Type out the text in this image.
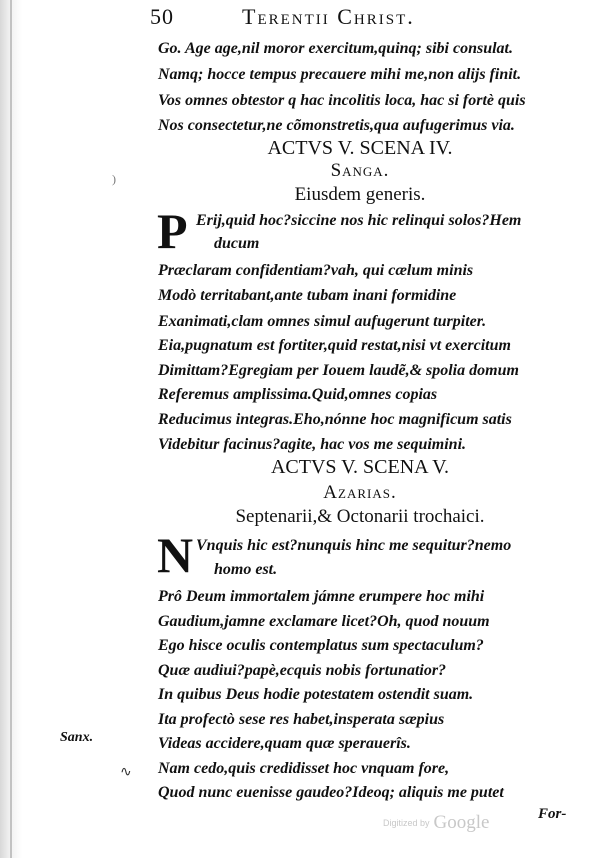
50	Terentii Christ.
Go. Age age,nil moror exercitum,quinq; sibi consulat.
Namq; hocce tempus precauere mihi me,non alijs finit.
Vos omnes obtestor q hac incolitis loca, hac si fortè quis
Nos consectetur,ne cõmonstretis,qua aufugerimus via.
ACTVS V. SCENA IV.
Sanga.
Eiusdem generis.
P Erij,quid hoc?siccine nos hic relinqui solos?Hem
ducum
Præclaram confidentiam?vah, qui cælum minis
Modò territabant,ante tubam inani formidine
Exanimati,clam omnes simul aufugerunt turpiter.
Eia,pugnatum est fortiter,quid restat,nisi vt exercitum
Dimittam?Egregiam per Iouem laudẽ,& spolia domum
Referemus amplissima.Quid,omnes copias
Reducimus integras.Eho,nónne hoc magnificum satis
Videbitur facinus?agite, hac vos me sequimini.
ACTVS V. SCENA V.
Azarias.
Septenarii,& Octonarii trochaici.
N Vnquis hic est?nunquis hinc me sequitur?nemo
homo est.
Prô Deum immortalem jámne erumpere hoc mihi
Gaudium,jamne exclamare licet?Oh, quod nouum
Ego hisce oculis contemplatus sum spectaculum?
Quæ audiui?papè,ecquis nobis fortunatior?
In quibus Deus hodie potestatem ostendit suam.
Ita profectò sese res habet,insperata sæpius
Videas accidere,quam quæ sperauerîs.
Nam cedo,quis credidisset hoc vnquam fore,
Quod nunc euenisse gaudeo?Ideoq; aliquis me putet
Sanx.
∿
)
For-
Digitized by Google
